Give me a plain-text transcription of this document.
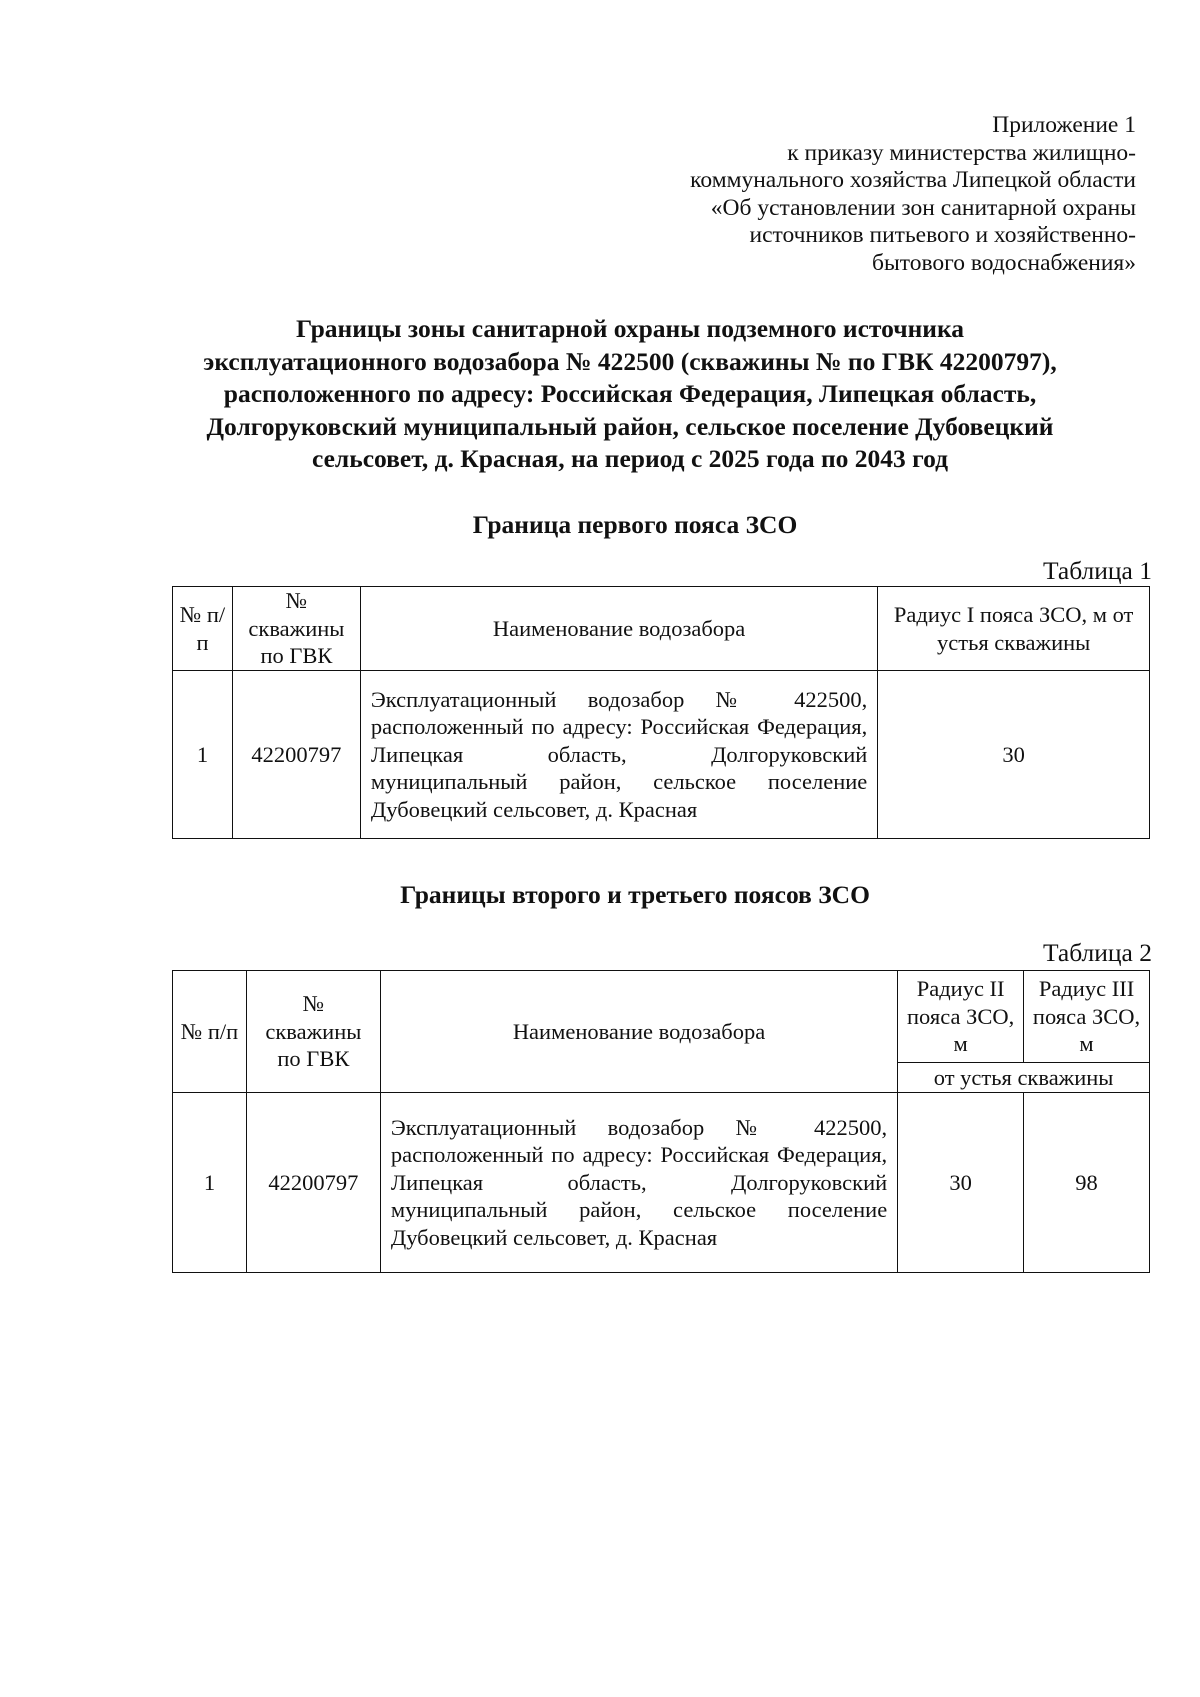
Приложение 1
к приказу министерства жилищно-
коммунального хозяйства Липецкой области
«Об установлении зон санитарной охраны
источников питьевого и хозяйственно-
бытового водоснабжения»
Границы зоны санитарной охраны подземного источника
эксплуатационного водозабора № 422500 (скважины № по ГВК 42200797),
расположенного по адресу: Российская Федерация, Липецкая область,
Долгоруковский муниципальный район, сельское поселение Дубовецкий
сельсовет, д. Красная, на период с 2025 года по 2043 год
Граница первого пояса ЗСО
Таблица 1
№ п/п	№ скважины по ГВК	Наименование водозабора	Радиус I пояса ЗСО, м от устья скважины
1	42200797	Эксплуатационный водозабор № 422500, расположенный по адресу: Российская Федерация, Липецкая область, Долгоруковский муниципальный район, сельское поселение Дубовецкий сельсовет, д. Красная	30
Границы второго и третьего поясов ЗСО
Таблица 2
№ п/п	№ скважины по ГВК	Наименование водозабора	Радиус II пояса ЗСО, м	Радиус III пояса ЗСО, м
			от устья скважины	
1	42200797	Эксплуатационный водозабор № 422500, расположенный по адресу: Российская Федерация, Липецкая область, Долгоруковский муниципальный район, сельское поселение Дубовецкий сельсовет, д. Красная	30	98
